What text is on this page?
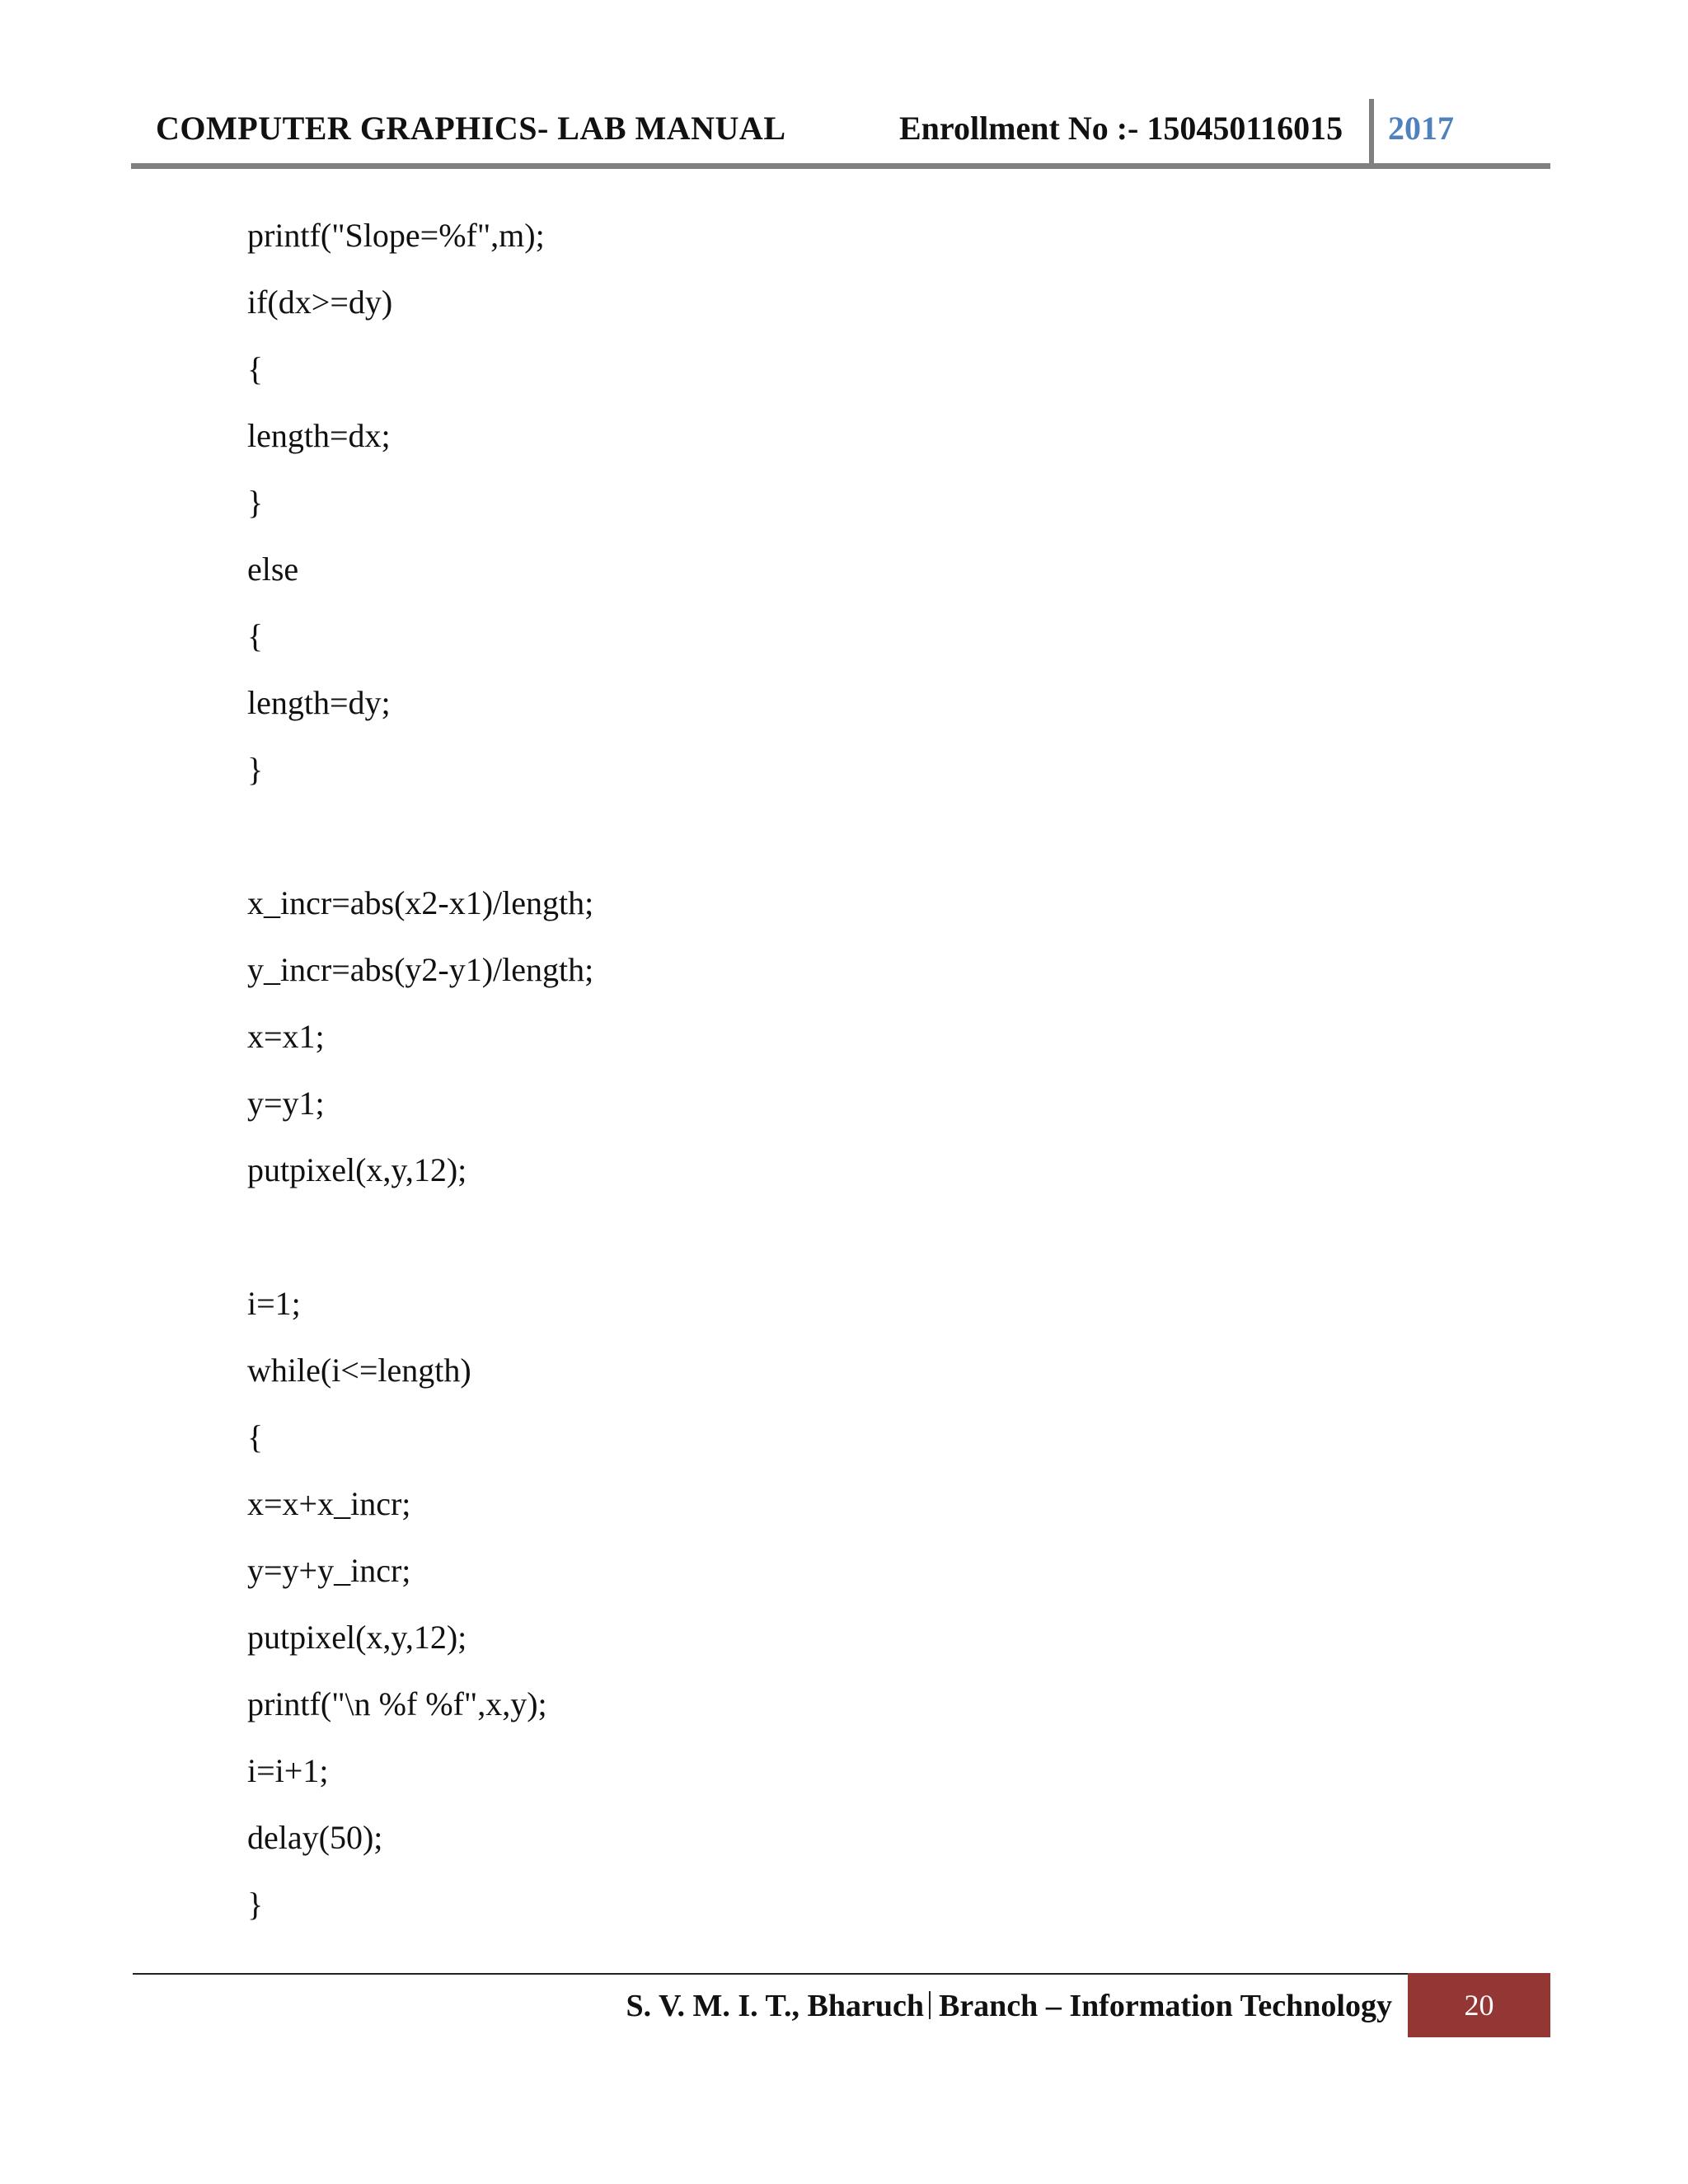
COMPUTER GRAPHICS- LAB MANUAL	Enrollment No :- 150450116015 2017
printf("Slope=%f",m);
if(dx>=dy)
{
length=dx;
}
else
{
length=dy;
}
x_incr=abs(x2-x1)/length;
y_incr=abs(y2-y1)/length;
x=x1;
y=y1;
putpixel(x,y,12);
i=1;
while(i<=length)
{
x=x+x_incr;
y=y+y_incr;
putpixel(x,y,12);
printf("\n %f %f",x,y);
i=i+1;
delay(50);
}
S. V. M. I. T., Bharuch Branch – Information Technology	20
